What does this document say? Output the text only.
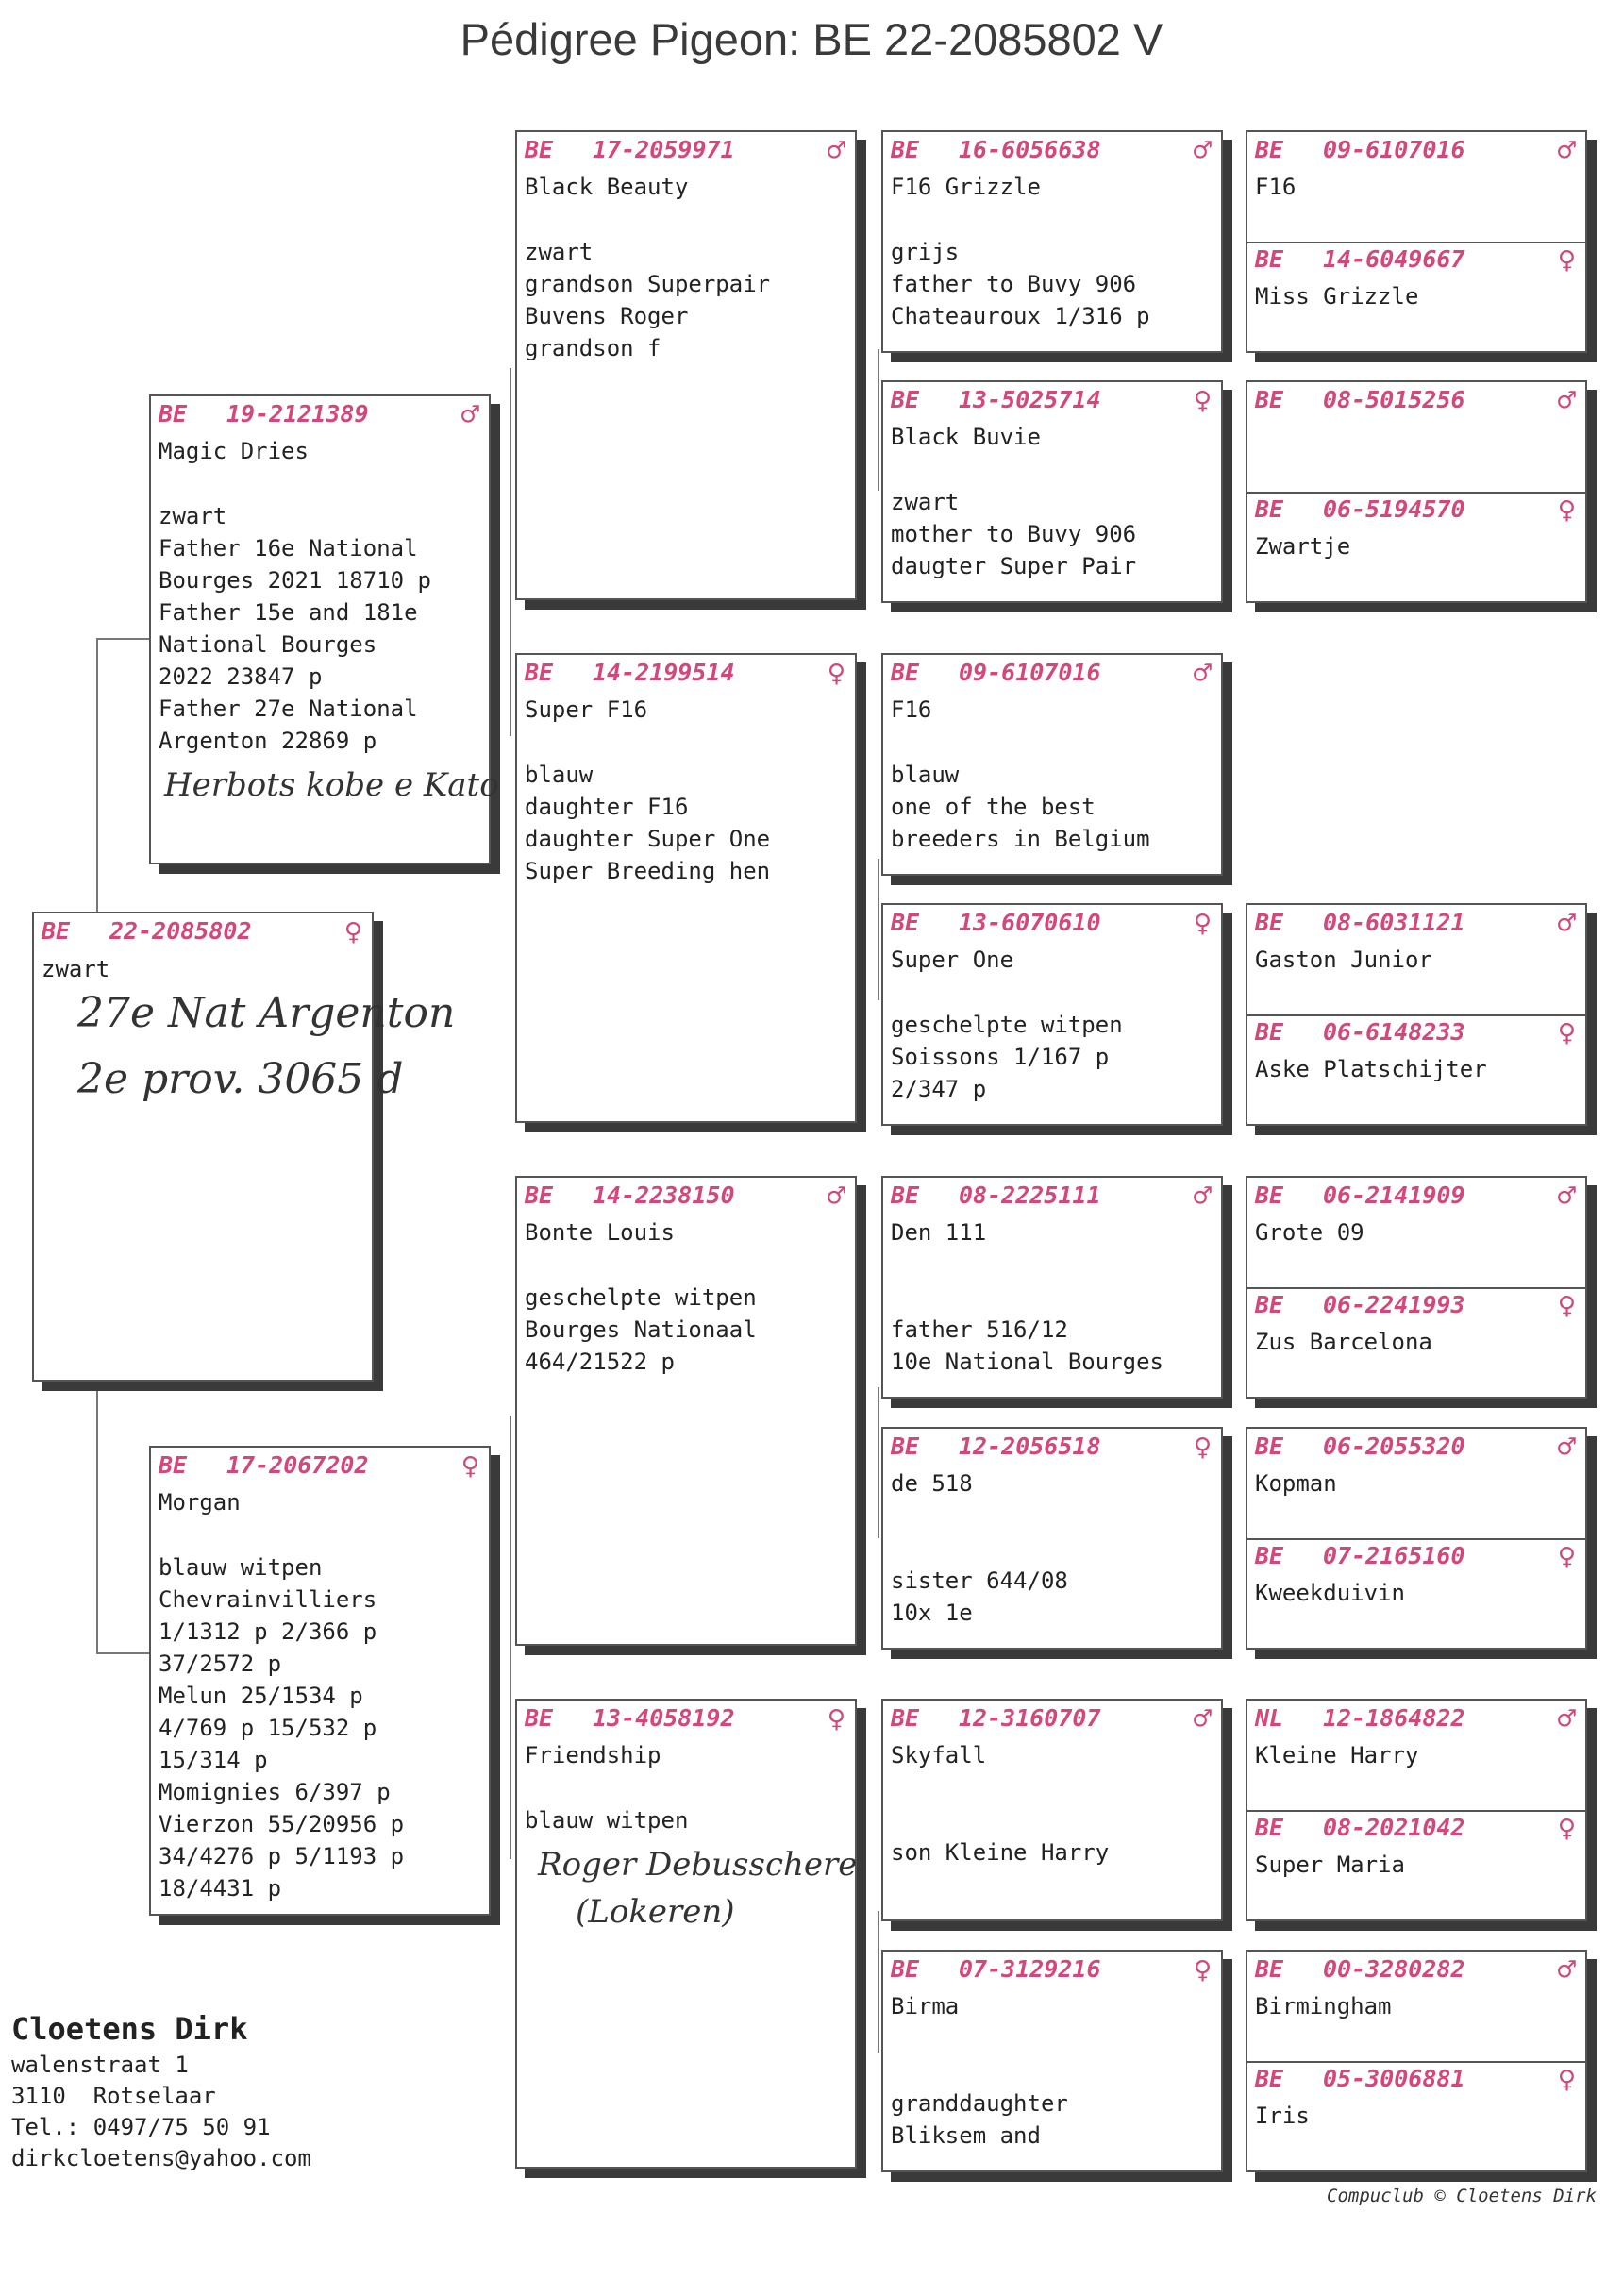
Pédigree Pigeon: BE 22-2085802 V
BE 22-2085802	♀
zwart
27e Nat Argenton
2e prov. 3065 d
BE 19-2121389	♂
Magic Dries
zwart
Father 16e National
Bourges 2021 18710 p
Father 15e and 181e
National Bourges
2022 23847 p
Father 27e National
Argenton 22869 p
Herbots kobe e Kato
BE 17-2067202	♀
Morgan
blauw witpen
Chevrainvilliers
1/1312 p 2/366 p
37/2572 p
Melun 25/1534 p
4/769 p 15/532 p
15/314 p
Momignies 6/397 p
Vierzon 55/20956 p
34/4276 p 5/1193 p
18/4431 p
BE 17-2059971	♂
Black Beauty
zwart
grandson Superpair
Buvens Roger
grandson f
BE 14-2199514	♀
Super F16
blauw
daughter F16
daughter Super One
Super Breeding hen
BE 14-2238150	♂
Bonte Louis
geschelpte witpen
Bourges Nationaal
464/21522 p
BE 13-4058192	♀
Friendship
blauw witpen
Roger Debusschere
(Lokeren)
BE 16-6056638	♂
F16 Grizzle
grijs
father to Buvy 906
Chateauroux 1/316 p
BE 13-5025714	♀
Black Buvie
zwart
mother to Buvy 906
daugter Super Pair
BE 09-6107016	♂
F16
blauw
one of the best
breeders in Belgium
BE 13-6070610	♀
Super One
geschelpte witpen
Soissons 1/167 p
2/347 p
BE 08-2225111	♂
Den 111
father 516/12
10e National Bourges
BE 12-2056518	♀
de 518
sister 644/08
10x 1e
BE 12-3160707	♂
Skyfall
son Kleine Harry
BE 07-3129216	♀
Birma
granddaughter
Bliksem and
BE 09-6107016	♂
F16
BE 14-6049667	♀
Miss Grizzle
BE 08-5015256	♂
BE 06-5194570	♀
Zwartje
BE 08-6031121	♂
Gaston Junior
BE 06-6148233	♀
Aske Platschijter
BE 06-2141909	♂
Grote 09
BE 06-2241993	♀
Zus Barcelona
BE 06-2055320	♂
Kopman
BE 07-2165160	♀
Kweekduivin
NL 12-1864822	♂
Kleine Harry
BE 08-2021042	♀
Super Maria
BE 00-3280282	♂
Birmingham
BE 05-3006881	♀
Iris
Cloetens Dirk
walenstraat 1
3110  Rotselaar
Tel.: 0497/75 50 91
dirkcloetens@yahoo.com
Compuclub © Cloetens Dirk
